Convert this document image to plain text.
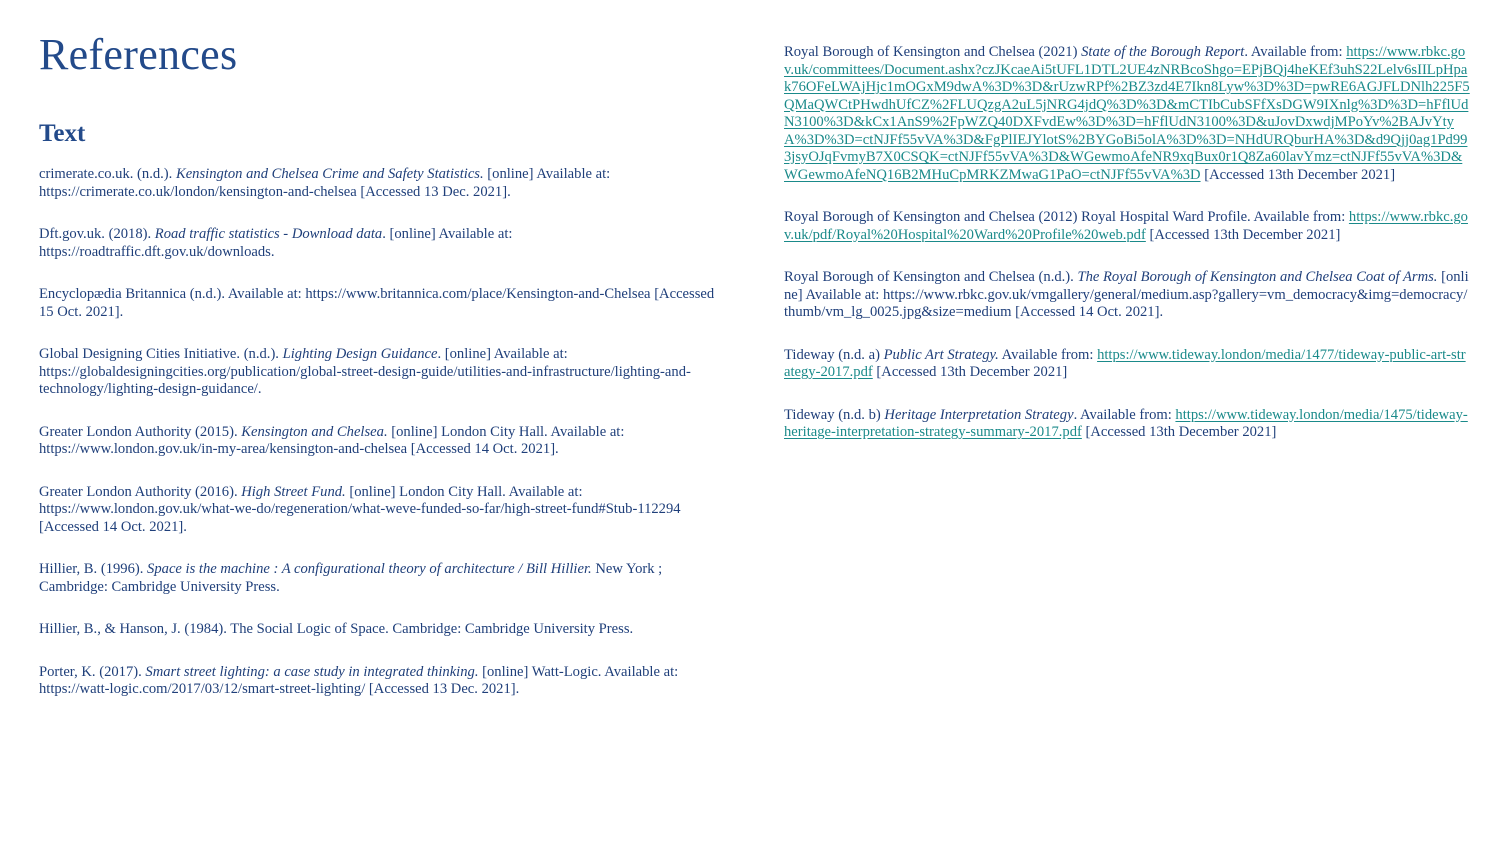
References
Text
crimerate.co.uk. (n.d.). Kensington and Chelsea Crime and Safety Statistics. [online] Available at: https://crimerate.co.uk/london/kensington-and-chelsea [Accessed 13 Dec. 2021].
Dft.gov.uk. (2018). Road traffic statistics - Download data. [online] Available at: https://roadtraffic.dft.gov.uk/downloads.
Encyclopædia Britannica (n.d.). Available at: https://www.britannica.com/place/Kensington-and-Chelsea [Accessed 15 Oct. 2021].
Global Designing Cities Initiative. (n.d.). Lighting Design Guidance. [online] Available at: https://globaldesigningcities.org/publication/global-street-design-guide/utilities-and-infrastructure/lighting-and-technology/lighting-design-guidance/.
Greater London Authority (2015). Kensington and Chelsea. [online] London City Hall. Available at: https://www.london.gov.uk/in-my-area/kensington-and-chelsea [Accessed 14 Oct. 2021].
Greater London Authority (2016). High Street Fund. [online] London City Hall. Available at: https://www.london.gov.uk/what-we-do/regeneration/what-weve-funded-so-far/high-street-fund#Stub-112294 [Accessed 14 Oct. 2021].
Hillier, B. (1996). Space is the machine : A configurational theory of architecture / Bill Hillier. New York ; Cambridge: Cambridge University Press.
Hillier, B., & Hanson, J. (1984). The Social Logic of Space. Cambridge: Cambridge University Press.
Porter, K. (2017). Smart street lighting: a case study in integrated thinking. [online] Watt-Logic. Available at: https://watt-logic.com/2017/03/12/smart-street-lighting/ [Accessed 13 Dec. 2021].
Royal Borough of Kensington and Chelsea (2021) State of the Borough Report. Available from: https://www.rbkc.gov.uk/committees/Document.ashx?czJKcaeAi5tUFL1DTL2UE4zNRBcoShgo=EPjBQj4heKEf3uhS22Lelv6sIILpHpak76OFeLWAjHjc1mOGxM9dwA%3D%3D&rUzwRPf%2BZ3zd4E7Ikn8Lyw%3D%3D=pwRE6AGJFLDNlh225F5QMaQWCtPHwdhUfCZ%2FLUQzgA2uL5jNRG4jdQ%3D%3D&mCTIbCubSFfXsDGW9IXnlg%3D%3D=hFflUdN3100%3D&kCx1AnS9%2FpWZQ40DXFvdEw%3D%3D=hFflUdN3100%3D&uJovDxwdjMPoYv%2BAJvYtyA%3D%3D=ctNJFf55vVA%3D&FgPlIEJYlotS%2BYGoBi5olA%3D%3D=NHdURQburHA%3D&d9Qjj0ag1Pd993jsyOJqFvmyB7X0CSQK=ctNJFf55vVA%3D&WGewmoAfeNR9xqBux0r1Q8Za60lavYmz=ctNJFf55vVA%3D&WGewmoAfeNQ16B2MHuCpMRKZMwaG1PaO=ctNJFf55vVA%3D [Accessed 13th December 2021]
Royal Borough of Kensington and Chelsea (2012) Royal Hospital Ward Profile. Available from: https://www.rbkc.gov.uk/pdf/Royal%20Hospital%20Ward%20Profile%20web.pdf [Accessed 13th December 2021]
Royal Borough of Kensington and Chelsea (n.d.). The Royal Borough of Kensington and Chelsea Coat of Arms. [online] Available at: https://www.rbkc.gov.uk/vmgallery/general/medium.asp?gallery=vm_democracy&img=democracy/thumb/vm_lg_0025.jpg&size=medium [Accessed 14 Oct. 2021].
Tideway (n.d. a) Public Art Strategy. Available from: https://www.tideway.london/media/1477/tideway-public-art-strategy-2017.pdf [Accessed 13th December 2021]
Tideway (n.d. b) Heritage Interpretation Strategy. Available from: https://www.tideway.london/media/1475/tideway-heritage-interpretation-strategy-summary-2017.pdf [Accessed 13th December 2021]
